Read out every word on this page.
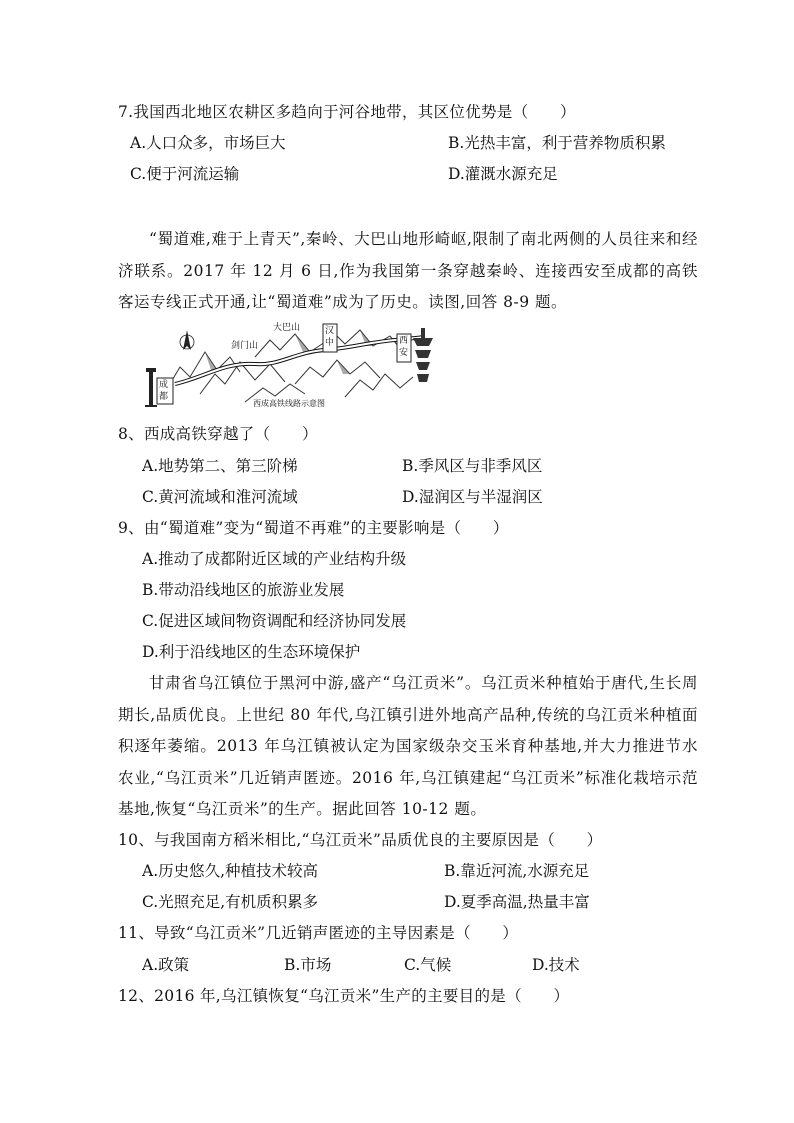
7.我国西北地区农耕区多趋向于河谷地带，其区位优势是（　　）
A.人口众多，市场巨大	B.光热丰富，利于营养物质积累
C.便于河流运输	D.灌溉水源充足
“蜀道难,难于上青天”,秦岭、大巴山地形崎岖,限制了南北两侧的人员往来和经济联系。2017 年 12 月 6 日,作为我国第一条穿越秦岭、连接西安至成都的高铁客运专线正式开通,让“蜀道难”成为了历史。读图,回答 8-9 题。
大巴山
剑门山
汉中	西安
成都
西成高铁线路示意图
8、西成高铁穿越了（　　）
A.地势第二、第三阶梯	B.季风区与非季风区
C.黄河流域和淮河流域	D.湿润区与半湿润区
9、由“蜀道难”变为“蜀道不再难”的主要影响是（　　）
A.推动了成都附近区域的产业结构升级
B.带动沿线地区的旅游业发展
C.促进区域间物资调配和经济协同发展
D.利于沿线地区的生态环境保护
甘肃省乌江镇位于黑河中游,盛产“乌江贡米”。乌江贡米种植始于唐代,生长周期长,品质优良。上世纪 80 年代,乌江镇引进外地高产品种,传统的乌江贡米种植面积逐年萎缩。2013 年乌江镇被认定为国家级杂交玉米育种基地,并大力推进节水农业,“乌江贡米”几近销声匿迹。2016 年,乌江镇建起“乌江贡米”标准化栽培示范基地,恢复“乌江贡米”的生产。据此回答 10-12 题。
10、与我国南方稻米相比,“乌江贡米”品质优良的主要原因是（　　）
A.历史悠久,种植技术较高	B.靠近河流,水源充足
C.光照充足,有机质积累多	D.夏季高温,热量丰富
11、导致“乌江贡米”几近销声匿迹的主导因素是（　　）
A.政策	B.市场	C.气候	D.技术
12、2016 年,乌江镇恢复“乌江贡米”生产的主要目的是（　　）
